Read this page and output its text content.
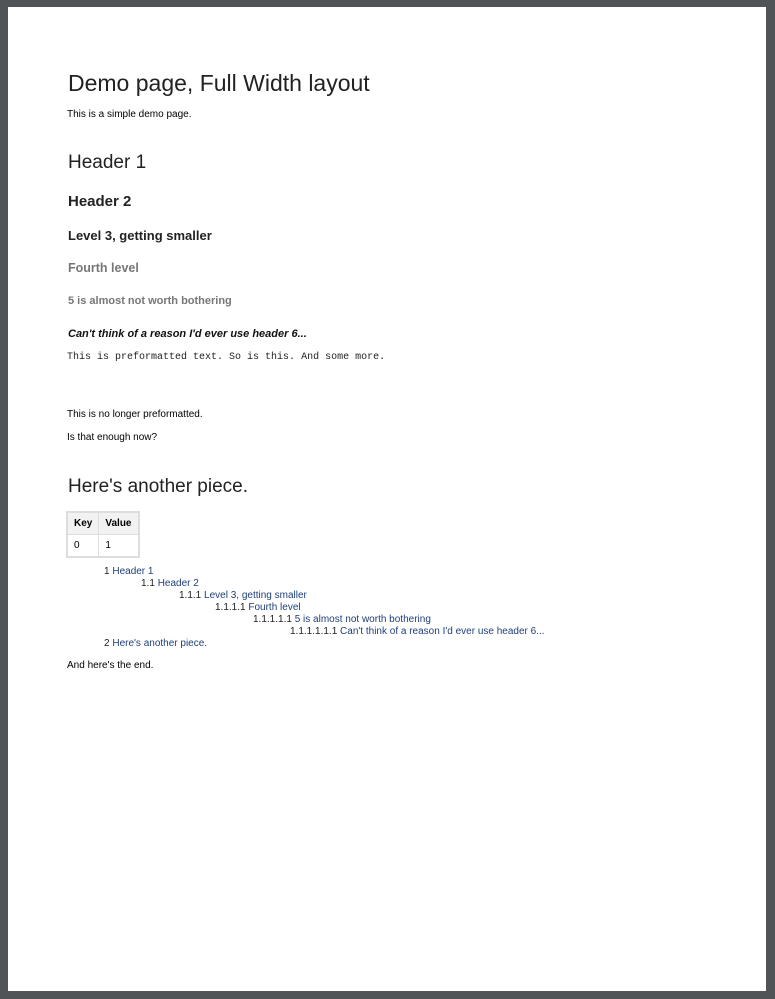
Demo page, Full Width layout

This is a simple demo page.

Header 1
Header 2
Level 3, getting smaller
Fourth level
5 is almost not worth bothering
Can't think of a reason I'd ever use header 6...
This is preformatted text. So is this. And some more.

This is no longer preformatted.

Is that enough now?

Here's another piece.
Key	Value
0	1
1 Header 1
1.1 Header 2
1.1.1 Level 3, getting smaller
1.1.1.1 Fourth level
1.1.1.1.1 5 is almost not worth bothering
1.1.1.1.1.1 Can't think of a reason I'd ever use header 6...
2 Here's another piece.

And here's the end.
